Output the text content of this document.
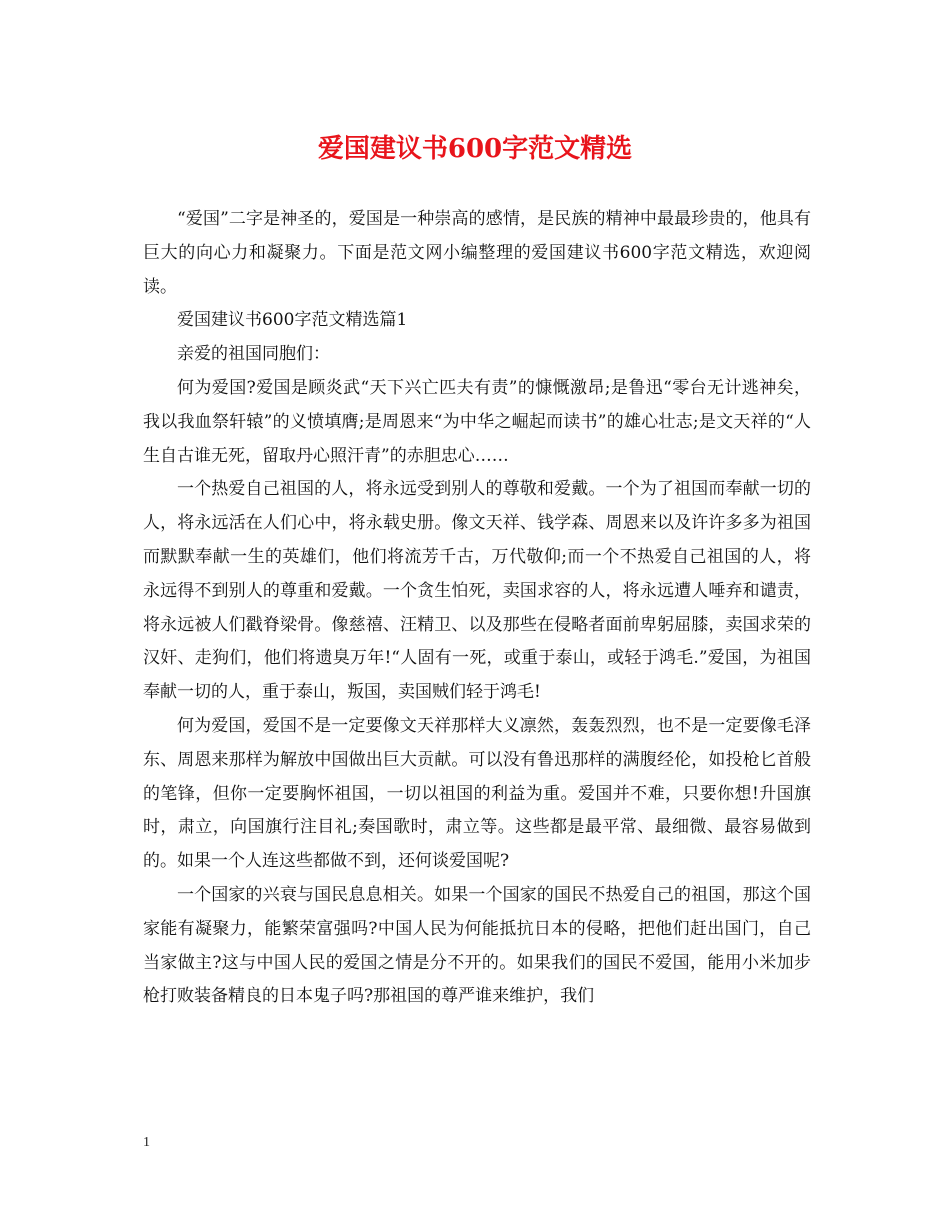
爱国建议书600字范文精选

“爱国”二字是神圣的，爱国是一种崇高的感情，是民族的精神中最最珍贵的，他具有巨大的向心力和凝聚力。下面是范文网小编整理的爱国建议书600字范文精选，欢迎阅读。

爱国建议书600字范文精选篇1

亲爱的祖国同胞们：

何为爱国?爱国是顾炎武“天下兴亡匹夫有责”的慷慨激昂;是鲁迅“零台无计逃神矣，我以我血祭轩辕”的义愤填膺;是周恩来“为中华之崛起而读书”的雄心壮志;是文天祥的“人生自古谁无死，留取丹心照汗青”的赤胆忠心……

一个热爱自己祖国的人，将永远受到别人的尊敬和爱戴。一个为了祖国而奉献一切的人，将永远活在人们心中，将永载史册。像文天祥、钱学森、周恩来以及许许多多为祖国而默默奉献一生的英雄们，他们将流芳千古，万代敬仰;而一个不热爱自己祖国的人，将永远得不到别人的尊重和爱戴。一个贪生怕死，卖国求容的人，将永远遭人唾弃和谴责，将永远被人们戳脊梁骨。像慈禧、汪精卫、以及那些在侵略者面前卑躬屈膝，卖国求荣的汉奸、走狗们，他们将遗臭万年!“人固有一死，或重于泰山，或轻于鸿毛.”爱国，为祖国奉献一切的人，重于泰山，叛国，卖国贼们轻于鸿毛!

何为爱国，爱国不是一定要像文天祥那样大义凛然，轰轰烈烈，也不是一定要像毛泽东、周恩来那样为解放中国做出巨大贡献。可以没有鲁迅那样的满腹经伦，如投枪匕首般的笔锋，但你一定要胸怀祖国，一切以祖国的利益为重。爱国并不难，只要你想!升国旗时，肃立，向国旗行注目礼;奏国歌时，肃立等。这些都是最平常、最细微、最容易做到的。如果一个人连这些都做不到，还何谈爱国呢?

一个国家的兴衰与国民息息相关。如果一个国家的国民不热爱自己的祖国，那这个国家能有凝聚力，能繁荣富强吗?中国人民为何能抵抗日本的侵略，把他们赶出国门，自己当家做主?这与中国人民的爱国之情是分不开的。如果我们的国民不爱国，能用小米加步枪打败装备精良的日本鬼子吗?那祖国的尊严谁来维护，我们

1
